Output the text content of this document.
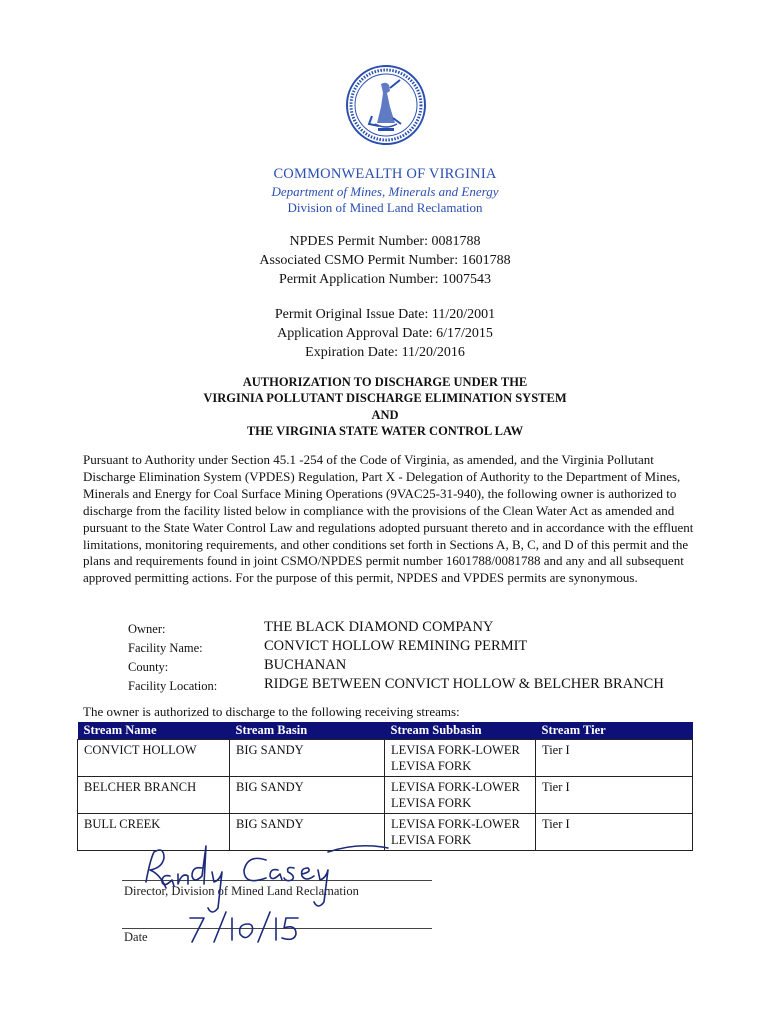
COMMONWEALTH OF VIRGINIA
Department of Mines, Minerals and Energy
Division of Mined Land Reclamation
NPDES Permit Number: 0081788
Associated CSMO Permit Number: 1601788
Permit Application Number: 1007543
Permit Original Issue Date: 11/20/2001
Application Approval Date: 6/17/2015
Expiration Date: 11/20/2016
AUTHORIZATION TO DISCHARGE UNDER THE
VIRGINIA POLLUTANT DISCHARGE ELIMINATION SYSTEM
AND
THE VIRGINIA STATE WATER CONTROL LAW
Pursuant to Authority under Section 45.1 -254 of the Code of Virginia, as amended, and the Virginia Pollutant Discharge Elimination System (VPDES) Regulation, Part X - Delegation of Authority to the Department of Mines, Minerals and Energy for Coal Surface Mining Operations (9VAC25-31-940), the following owner is authorized to discharge from the facility listed below in compliance with the provisions of the Clean Water Act as amended and pursuant to the State Water Control Law and regulations adopted pursuant thereto and in accordance with the effluent limitations, monitoring requirements, and other conditions set forth in Sections A, B, C, and D of this permit and the plans and requirements found in joint CSMO/NPDES permit number 1601788/0081788 and any and all subsequent approved permitting actions. For the purpose of this permit, NPDES and VPDES permits are synonymous.
Owner:	THE BLACK DIAMOND COMPANY
Facility Name:	CONVICT HOLLOW REMINING PERMIT
County:	BUCHANAN
Facility Location:	RIDGE BETWEEN CONVICT HOLLOW & BELCHER BRANCH
The owner is authorized to discharge to the following receiving streams:
Stream Name	Stream Basin	Stream Subbasin	Stream Tier
CONVICT HOLLOW	BIG SANDY	LEVISA FORK-LOWER LEVISA FORK	Tier I
BELCHER BRANCH	BIG SANDY	LEVISA FORK-LOWER LEVISA FORK	Tier I
BULL CREEK	BIG SANDY	LEVISA FORK-LOWER LEVISA FORK	Tier I
Director, Division of Mined Land Reclamation
Date
